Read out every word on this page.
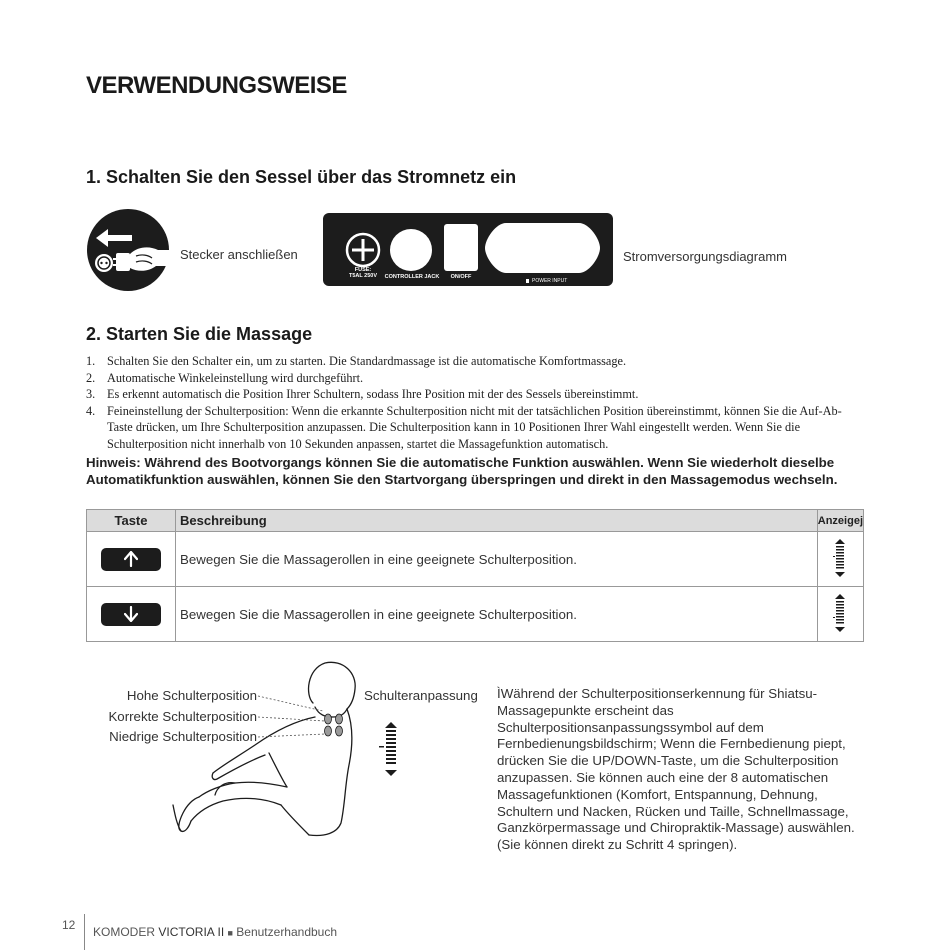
VERWENDUNGSWEISE
1. Schalten Sie den Sessel über das Stromnetz ein
Stecker anschließen
FUSE:
T5AL 250V	CONTROLLER JACK	ON/OFF
POWER INPUT
Stromversorgungsdiagramm
2. Starten Sie die Massage
1. Schalten Sie den Schalter ein, um zu starten. Die Standardmassage ist die automatische Komfortmassage.
2. Automatische Winkeleinstellung wird durchgeführt.
3. Es erkennt automatisch die Position Ihrer Schultern, sodass Ihre Position mit der des Sessels übereinstimmt.
4. Feineinstellung der Schulterposition: Wenn die erkannte Schulterposition nicht mit der tatsächlichen Position übereinstimmt, können Sie die Auf-Ab-Taste drücken, um Ihre Schulterposition anzupassen. Die Schulterposition kann in 10 Positionen Ihrer Wahl eingestellt werden. Wenn Sie die Schulterposition nicht innerhalb von 10 Sekunden anpassen, startet die Massagefunktion automatisch.
Hinweis: Während des Bootvorgangs können Sie die automatische Funktion auswählen. Wenn Sie wiederholt dieselbe Automatikfunktion auswählen, können Sie den Startvorgang überspringen und direkt in den Massagemodus wechseln.
Taste	Beschreibung	Anzeigej

	Bewegen Sie die Massagerollen in eine geeignete Schulterposition.	

	Bewegen Sie die Massagerollen in eine geeignete Schulterposition.	
Hohe Schulterposition
Korrekte Schulterposition
Niedrige Schulterposition
Schulteranpassung ÌWährend der Schulterpositionserkennung für Shiatsu-Massagepunkte erscheint das Schulterpositionsanpassungssymbol auf dem Fernbedienungsbildschirm; Wenn die Fernbedienung piept, drücken Sie die UP/DOWN-Taste, um die Schulterposition anzupassen. Sie können auch eine der 8 automatischen Massagefunktionen (Komfort, Entspannung, Dehnung, Schultern und Nacken, Rücken und Taille, Schnellmassage, Ganzkörpermassage und Chiropraktik-Massage) auswählen. (Sie können direkt zu Schritt 4 springen).
12 KOMODER VICTORIA II ■ Benutzerhandbuch
